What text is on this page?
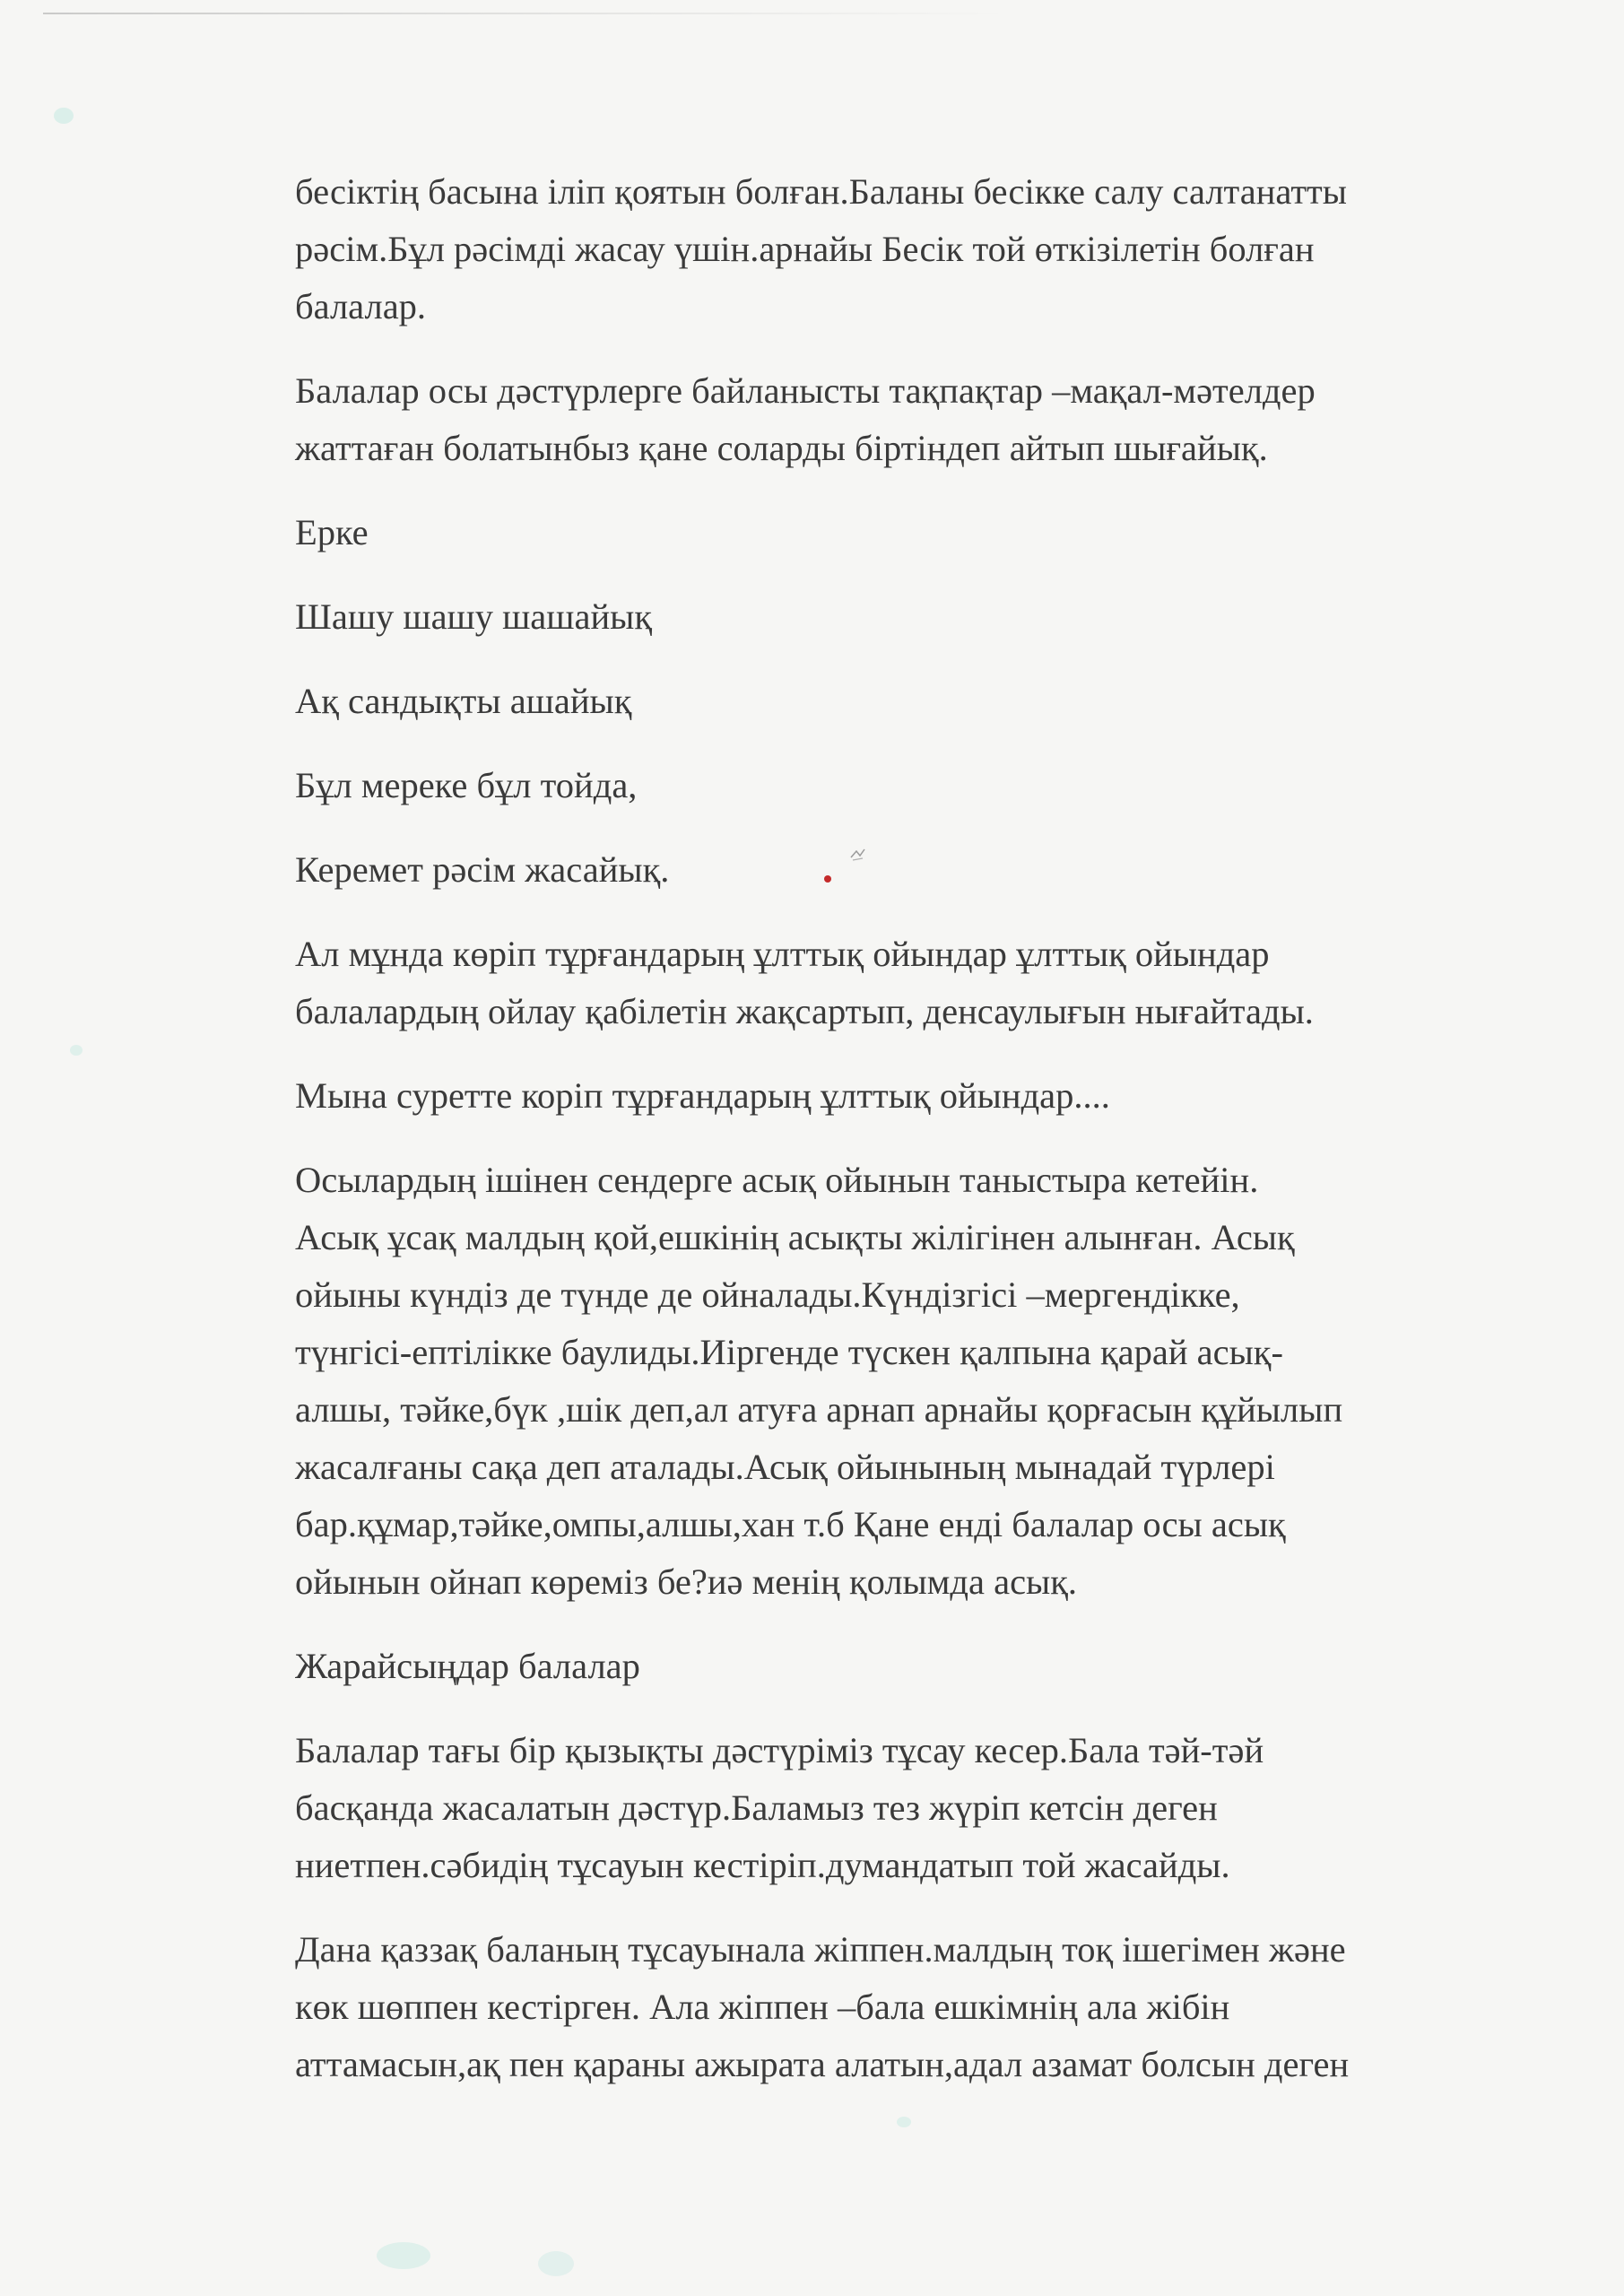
бесіктің басына іліп қоятын болған.Баланы бесікке салу салтанатты
рәсім.Бұл рәсімді жасау үшін.арнайы Бесік той өткізілетін болған
балалар.

Балалар осы дәстүрлерге байланысты тақпақтар –мақал-мәтелдер
жаттаған болатынбыз қане соларды біртіндеп айтып шығайық.

Ерке

Шашу шашу шашайық

Ақ сандықты ашайық

Бұл мереке бұл тойда,

Керемет рәсім жасайық.

Ал мұнда көріп тұрғандарың ұлттық ойындар ұлттық ойындар
балалардың ойлау қабілетін жақсартып, денсаулығын нығайтады.

Мына суретте коріп тұрғандарың ұлттық ойындар....

Осылардың ішінен сендерге асық ойынын таныстыра кетейін.
Асық ұсақ малдың қой,ешкінің асықты жілігінен алынған. Асық
ойыны күндіз де түнде де ойналады.Күндізгісі –мергендікке,
түнгісі-ептілікке баулиды.Иіргенде түскен қалпына қарай асық-
алшы, тәйке,бүк ,шік деп,ал атуға арнап арнайы қорғасын құйылып
жасалғаны сақа деп аталады.Асық ойынының мынадай түрлері
бар.құмар,тәйке,омпы,алшы,хан т.б Қане енді балалар осы асық
ойынын ойнап көреміз бе?иә менің қолымда асық.

Жарайсыңдар балалар

Балалар тағы бір қызықты дәстүріміз тұсау кесер.Бала тәй-тәй
басқанда жасалатын дәстүр.Баламыз тез жүріп кетсін деген
ниетпен.сәбидің тұсауын кестіріп.думандатып той жасайды.

Дана қаззақ баланың тұсауынала жіппен.малдың тоқ ішегімен және
көк шөппен кестірген. Ала жіппен –бала ешкімнің ала жібін
аттамасын,ақ пен қараны ажырата алатын,адал азамат болсын деген
